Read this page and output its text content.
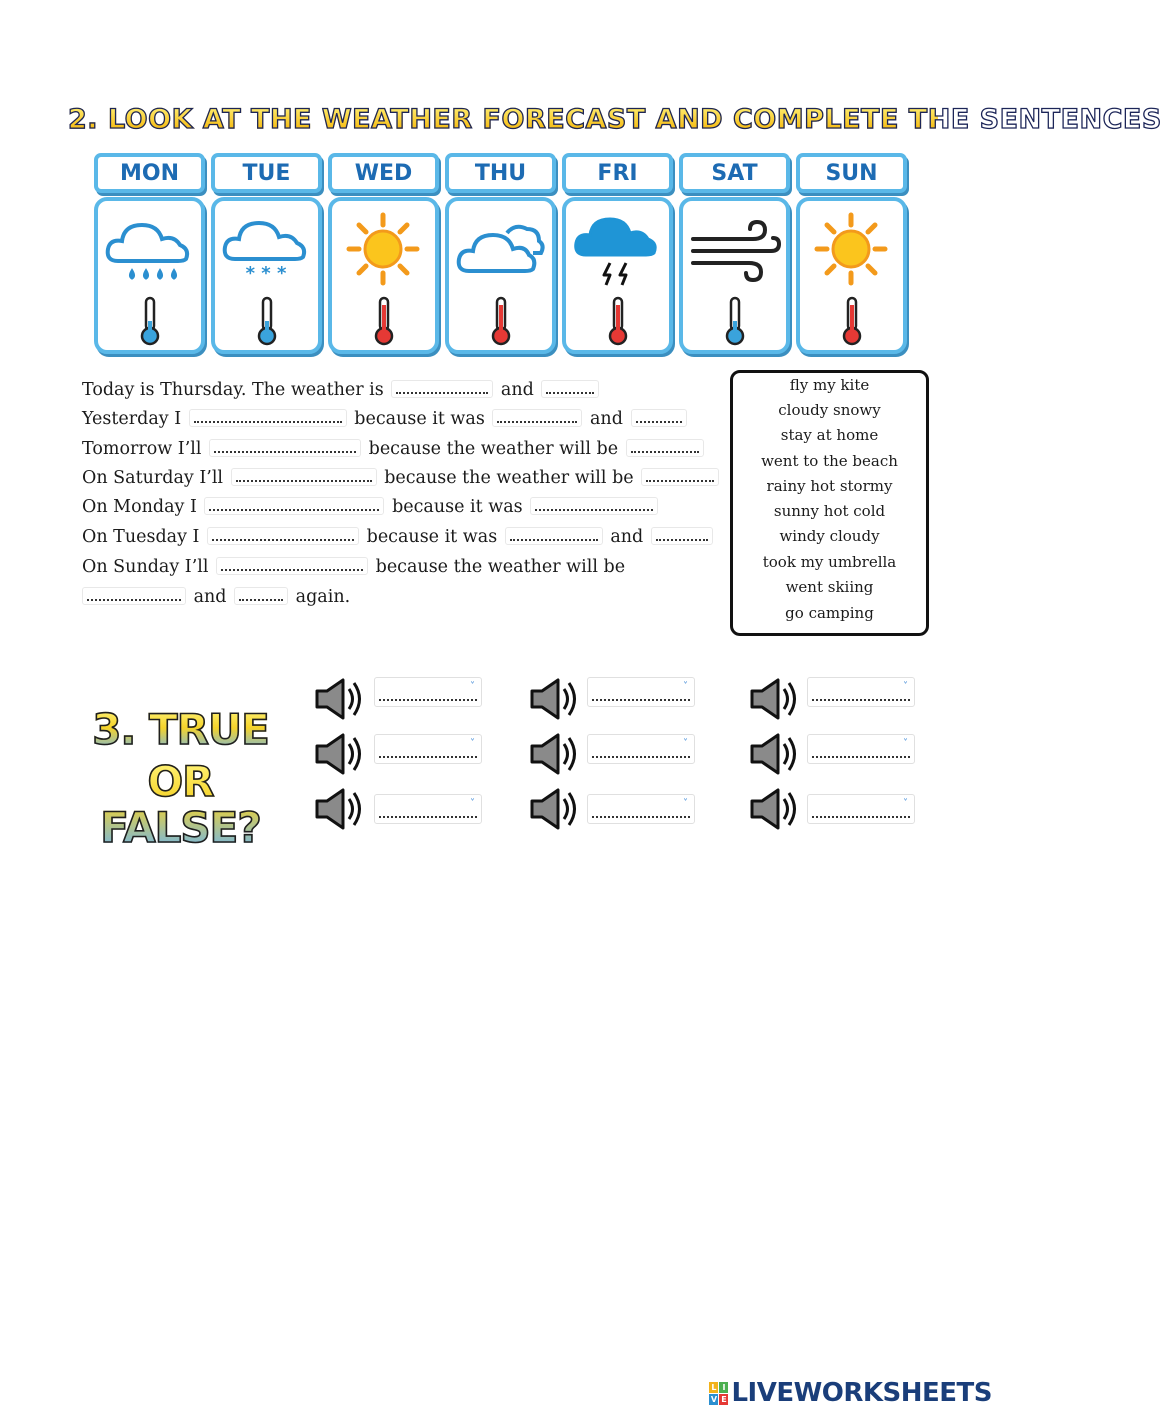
2. LOOK AT THE WEATHER FORECAST AND COMPLETE THE SENTENCES
MON	TUE	WED	THU	FRI	SAT	SUN
* * *
Today is Thursday. The weather is	and
Yesterday I	because it was	and
Tomorrow I’ll	because the weather will be
On Saturday I’ll	because the weather will be
On Monday I	because it was
On Tuesday I	because it was	and
On Sunday I’ll	because the weather will be
and	again.
fly my kite
cloudy snowy
stay at home
went to the beach
rainy hot stormy
sunny hot cold
windy cloudy
took my umbrella
went skiing
go camping
3. TRUE
OR FALSE?
˅	˅	˅
˅	˅	˅
˅	˅	˅
L I
V E LIVEWORKSHEETS
